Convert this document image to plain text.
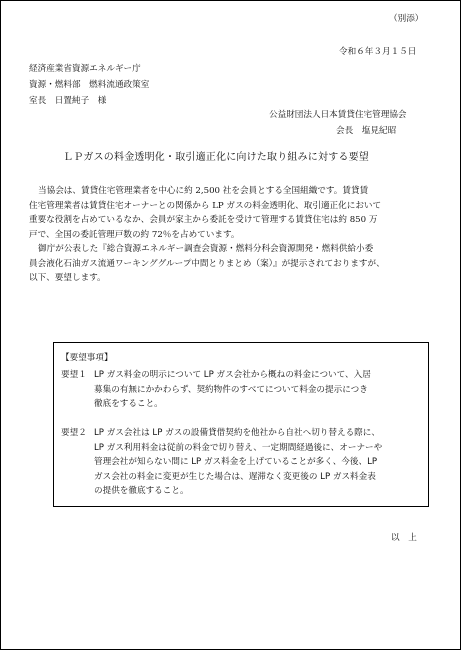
（別添）
令和６年３月１５日
経済産業省資源エネルギー庁
資源・燃料部　燃料流通政策室
室長　日置純子　様
公益財団法人日本賃貸住宅管理協会
会長　塩見紀昭
ＬＰガスの料金透明化・取引適正化に向けた取り組みに対する要望
当協会は、賃貸住宅管理業者を中心に約 2,500 社を会員とする全国組織です。賃貸賃
住宅管理業者は賃貸住宅オーナーとの関係から LP ガスの料金透明化、取引適正化において
重要な役割を占めているなか、会員が家主から委託を受けて管理する賃貸住宅は約 850 万
戸で、全国の委託管理戸数の約 72％を占めています。
御庁が公表した『総合資源エネルギー調査会資源・燃料分科会資源開発・燃料供給小委
員会液化石油ガス流通ワーキンググループ中間とりまとめ（案）』が提示されておりますが、
以下、要望します。
【要望事項】
要望１ LP ガス料金の明示について LP ガス会社から概ねの料金について、入居
募集の有無にかかわらず、契約物件のすべてについて料金の提示につき
徹底をすること。
要望２ LP ガス会社は LP ガスの設備貸借契約を他社から自社へ切り替える際に、
LP ガス利用料金は従前の料金で切り替え、一定期間経過後に、オーナーや
管理会社が知らない間に LP ガス料金を上げていることが多く、今後、LP
ガス会社の料金に変更が生じた場合は、遅滞なく変更後の LP ガス料金表
の提供を徹底すること。
以　上
